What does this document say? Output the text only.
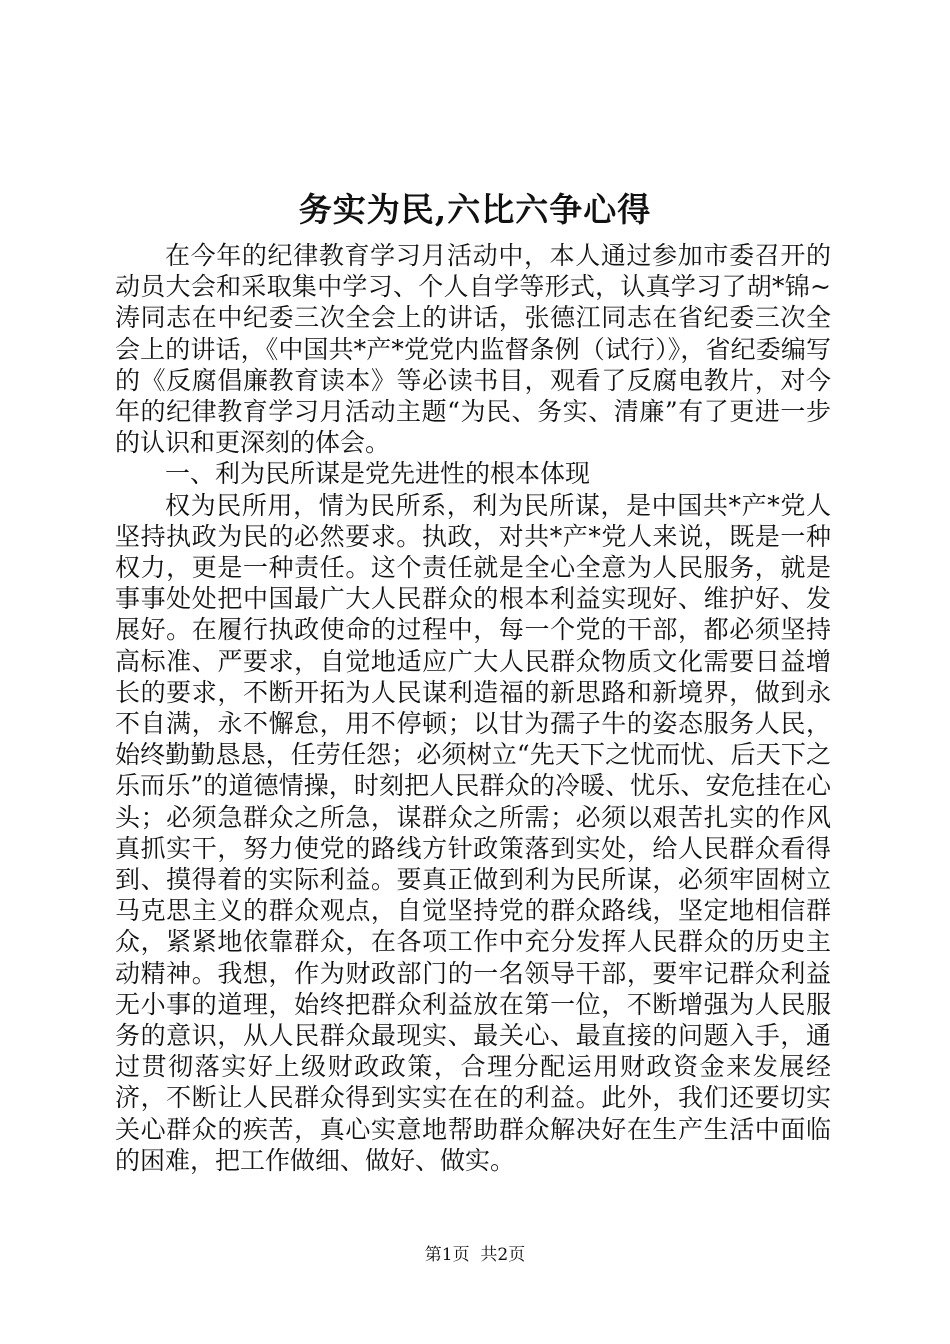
务实为民,六比六争心得

在今年的纪律教育学习月活动中，本人通过参加市委召开的动员大会和采取集中学习、个人自学等形式，认真学习了胡*锦~涛同志在中纪委三次全会上的讲话，张德江同志在省纪委三次全会上的讲话，《中国共*产*党党内监督条例（试行）》，省纪委编写的《反腐倡廉教育读本》等必读书目，观看了反腐电教片，对今年的纪律教育学习月活动主题“为民、务实、清廉”有了更进一步的认识和更深刻的体会。

一、利为民所谋是党先进性的根本体现

权为民所用，情为民所系，利为民所谋，是中国共*产*党人坚持执政为民的必然要求。执政，对共*产*党人来说，既是一种权力，更是一种责任。这个责任就是全心全意为人民服务，就是事事处处把中国最广大人民群众的根本利益实现好、维护好、发展好。在履行执政使命的过程中，每一个党的干部，都必须坚持高标准、严要求，自觉地适应广大人民群众物质文化需要日益增长的要求，不断开拓为人民谋利造福的新思路和新境界，做到永不自满，永不懈怠，用不停顿；以甘为孺子牛的姿态服务人民，始终勤勤恳恳，任劳任怨；必须树立“先天下之忧而忧、后天下之乐而乐”的道德情操，时刻把人民群众的冷暖、忧乐、安危挂在心头；必须急群众之所急，谋群众之所需；必须以艰苦扎实的作风真抓实干，努力使党的路线方针政策落到实处，给人民群众看得到、摸得着的实际利益。要真正做到利为民所谋，必须牢固树立马克思主义的群众观点，自觉坚持党的群众路线，坚定地相信群众，紧紧地依靠群众，在各项工作中充分发挥人民群众的历史主动精神。我想，作为财政部门的一名领导干部，要牢记群众利益无小事的道理，始终把群众利益放在第一位，不断增强为人民服务的意识，从人民群众最现实、最关心、最直接的问题入手，通过贯彻落实好上级财政政策，合理分配运用财政资金来发展经济，不断让人民群众得到实实在在的利益。此外，我们还要切实关心群众的疾苦，真心实意地帮助群众解决好在生产生活中面临的困难，把工作做细、做好、做实。

第1页 共2页
